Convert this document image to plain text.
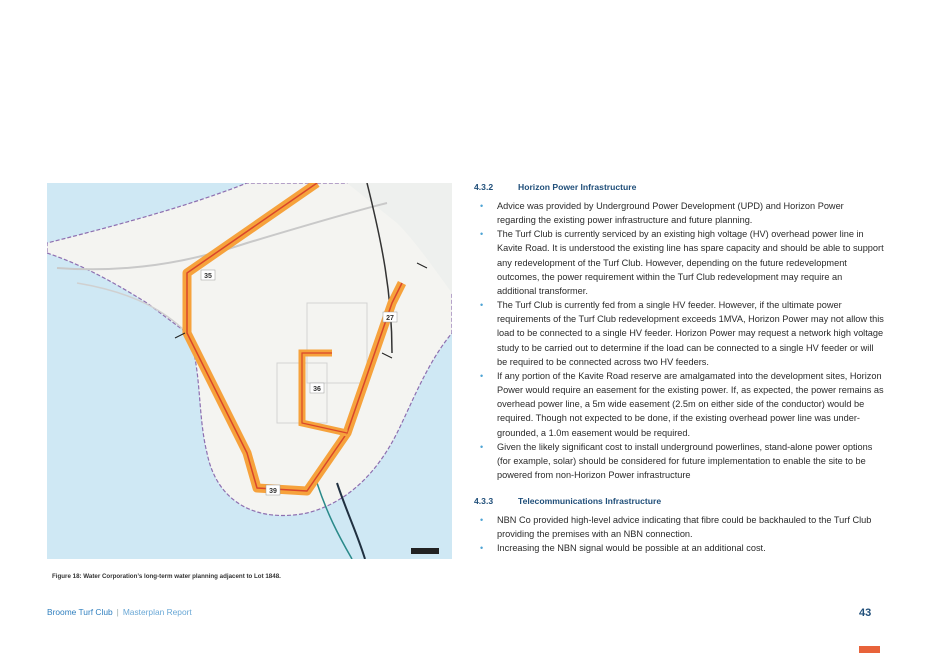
35
27
36
39
Figure 18: Water Corporation’s long-term water planning adjacent to Lot 1848.
4.3.2	Horizon Power Infrastructure
• Advice was provided by Underground Power Development (UPD) and Horizon Power regarding the existing power infrastructure and future planning.
• The Turf Club is currently serviced by an existing high voltage (HV) overhead power line in Kavite Road. It is understood the existing line has spare capacity and should be able to support any redevelopment of the Turf Club. However, depending on the future redevelopment outcomes, the power requirement within the Turf Club redevelopment may require an additional transformer.
• The Turf Club is currently fed from a single HV feeder. However, if the ultimate power requirements of the Turf Club redevelopment exceeds 1MVA, Horizon Power may not allow this load to be connected to a single HV feeder. Horizon Power may request a network high voltage study to be carried out to determine if the load can be connected to a single HV feeder or will be required to be connected across two HV feeders.
• If any portion of the Kavite Road reserve are amalgamated into the development sites, Horizon Power would require an easement for the existing power. If, as expected, the power remains as overhead power line, a 5m wide easement (2.5m on either side of the conductor) would be required. Though not expected to be done, if the existing overhead power line was under-grounded, a 1.0m easement would be required.
• Given the likely significant cost to install underground powerlines, stand-alone power options (for example, solar) should be considered for future implementation to enable the site to be powered from non-Horizon Power infrastructure
4.3.3	Telecommunications Infrastructure
• NBN Co provided high-level advice indicating that fibre could be backhauled to the Turf Club providing the premises with an NBN connection.
• Increasing the NBN signal would be possible at an additional cost.
Broome Turf Club | Masterplan Report	43
